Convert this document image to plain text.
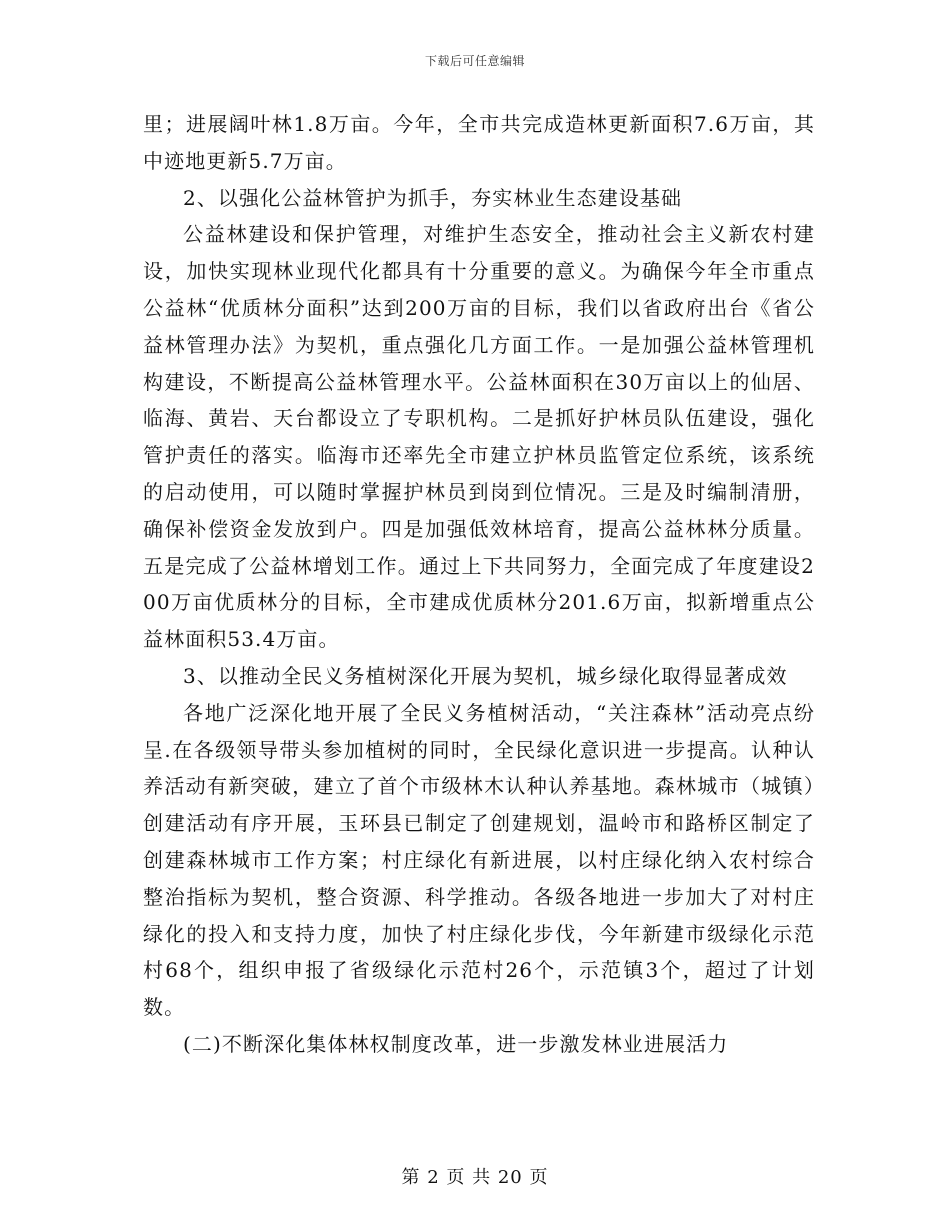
下载后可任意编辑

里；进展阔叶林1.8万亩。今年，全市共完成造林更新面积7.6万亩，其中迹地更新5.7万亩。

2、以强化公益林管护为抓手，夯实林业生态建设基础

公益林建设和保护管理，对维护生态安全，推动社会主义新农村建设，加快实现林业现代化都具有十分重要的意义。为确保今年全市重点公益林“优质林分面积”达到200万亩的目标，我们以省政府出台《省公益林管理办法》为契机，重点强化几方面工作。一是加强公益林管理机构建设，不断提高公益林管理水平。公益林面积在30万亩以上的仙居、临海、黄岩、天台都设立了专职机构。二是抓好护林员队伍建设，强化管护责任的落实。临海市还率先全市建立护林员监管定位系统，该系统的启动使用，可以随时掌握护林员到岗到位情况。三是及时编制清册，确保补偿资金发放到户。四是加强低效林培育，提高公益林林分质量。五是完成了公益林增划工作。通过上下共同努力，全面完成了年度建设200万亩优质林分的目标，全市建成优质林分201.6万亩，拟新增重点公益林面积53.4万亩。

3、以推动全民义务植树深化开展为契机，城乡绿化取得显著成效

各地广泛深化地开展了全民义务植树活动，“关注森林”活动亮点纷呈.在各级领导带头参加植树的同时，全民绿化意识进一步提高。认种认养活动有新突破，建立了首个市级林木认种认养基地。森林城市（城镇）创建活动有序开展，玉环县已制定了创建规划，温岭市和路桥区制定了创建森林城市工作方案；村庄绿化有新进展，以村庄绿化纳入农村综合整治指标为契机，整合资源、科学推动。各级各地进一步加大了对村庄绿化的投入和支持力度，加快了村庄绿化步伐，今年新建市级绿化示范村68个，组织申报了省级绿化示范村26个，示范镇3个，超过了计划数。

(二)不断深化集体林权制度改革，进一步激发林业进展活力

第 2 页 共 20 页
